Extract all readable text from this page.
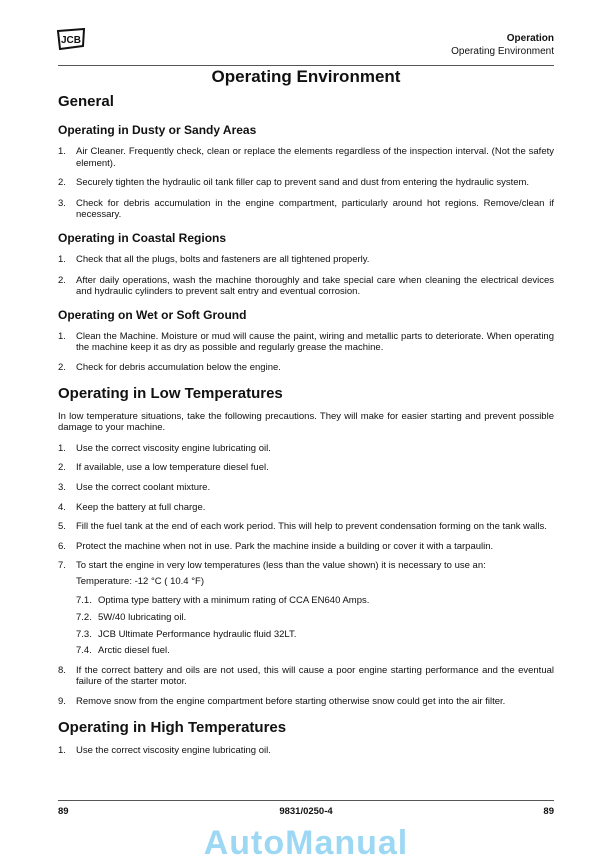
JCB	Operation
Operating Environment
Operating Environment
General
Operating in Dusty or Sandy Areas
1. Air Cleaner. Frequently check, clean or replace the elements regardless of the inspection interval. (Not the safety element).
2. Securely tighten the hydraulic oil tank filler cap to prevent sand and dust from entering the hydraulic system.
3. Check for debris accumulation in the engine compartment, particularly around hot regions. Remove/clean if necessary.
Operating in Coastal Regions
1. Check that all the plugs, bolts and fasteners are all tightened properly.
2. After daily operations, wash the machine thoroughly and take special care when cleaning the electrical devices and hydraulic cylinders to prevent salt entry and eventual corrosion.
Operating on Wet or Soft Ground
1. Clean the Machine. Moisture or mud will cause the paint, wiring and metallic parts to deteriorate. When operating the machine keep it as dry as possible and regularly grease the machine.
2. Check for debris accumulation below the engine.
Operating in Low Temperatures
In low temperature situations, take the following precautions. They will make for easier starting and prevent possible damage to your machine.
1. Use the correct viscosity engine lubricating oil.
2. If available, use a low temperature diesel fuel.
3. Use the correct coolant mixture.
4. Keep the battery at full charge.
5. Fill the fuel tank at the end of each work period. This will help to prevent condensation forming on the tank walls.
6. Protect the machine when not in use. Park the machine inside a building or cover it with a tarpaulin.
7. To start the engine in very low temperatures (less than the value shown) it is necessary to use an:
Temperature: -12 °C ( 10.4 °F)
7.1. Optima type battery with a minimum rating of CCA EN640 Amps.
7.2. 5W/40 lubricating oil.
7.3. JCB Ultimate Performance hydraulic fluid 32LT.
7.4. Arctic diesel fuel.
8. If the correct battery and oils are not used, this will cause a poor engine starting performance and the eventual failure of the starter motor.
9. Remove snow from the engine compartment before starting otherwise snow could get into the air filter.
Operating in High Temperatures
1. Use the correct viscosity engine lubricating oil.
89	9831/0250-4	89
AutoManual
